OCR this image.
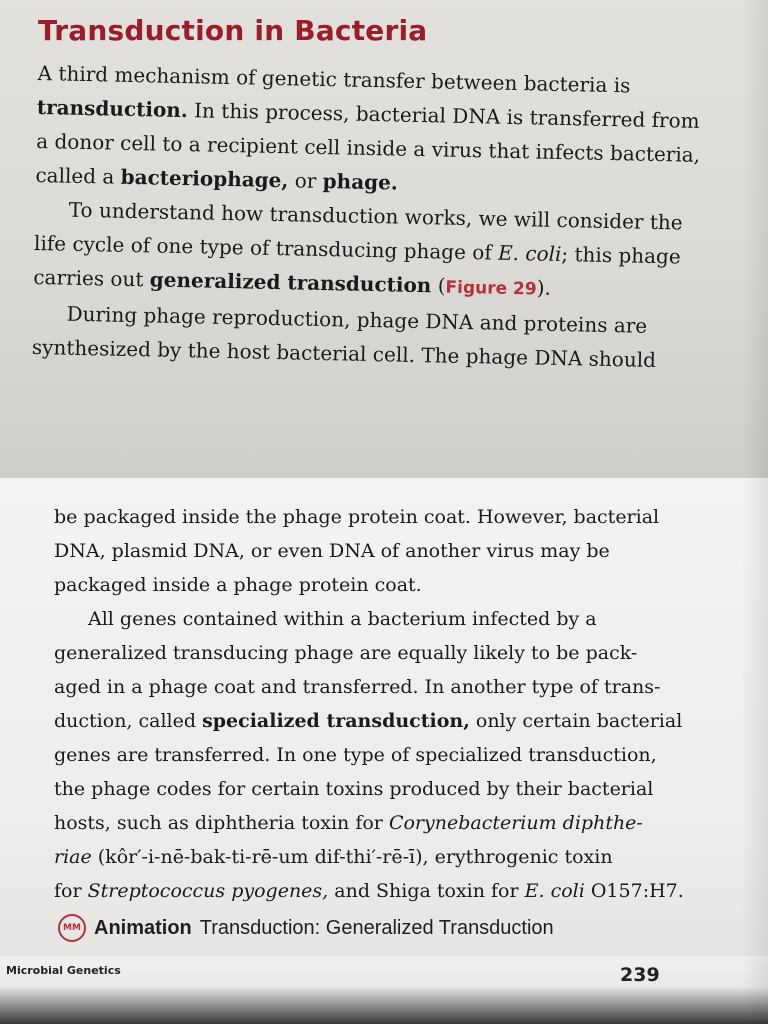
Transduction in Bacteria
A third mechanism of genetic transfer between bacteria is
transduction. In this process, bacterial DNA is transferred from
a donor cell to a recipient cell inside a virus that infects bacteria,
called a bacteriophage, or phage.
To understand how transduction works, we will consider the
life cycle of one type of transducing phage of E. coli; this phage
carries out generalized transduction (Figure 29).
During phage reproduction, phage DNA and proteins are
synthesized by the host bacterial cell. The phage DNA should
be packaged inside the phage protein coat. However, bacterial
DNA, plasmid DNA, or even DNA of another virus may be
packaged inside a phage protein coat.
All genes contained within a bacterium infected by a
generalized transducing phage are equally likely to be pack-
aged in a phage coat and transferred. In another type of trans-
duction, called specialized transduction, only certain bacterial
genes are transferred. In one type of specialized transduction,
the phage codes for certain toxins produced by their bacterial
hosts, such as diphtheria toxin for Corynebacterium diphthe-
riae (kôr′-i-nē-bak-ti-rē-um dif-thi′-rē-ī), erythrogenic toxin
for Streptococcus pyogenes, and Shiga toxin for E. coli O157:H7.
MM Animation Transduction: Generalized Transduction
Microbial Genetics	239
